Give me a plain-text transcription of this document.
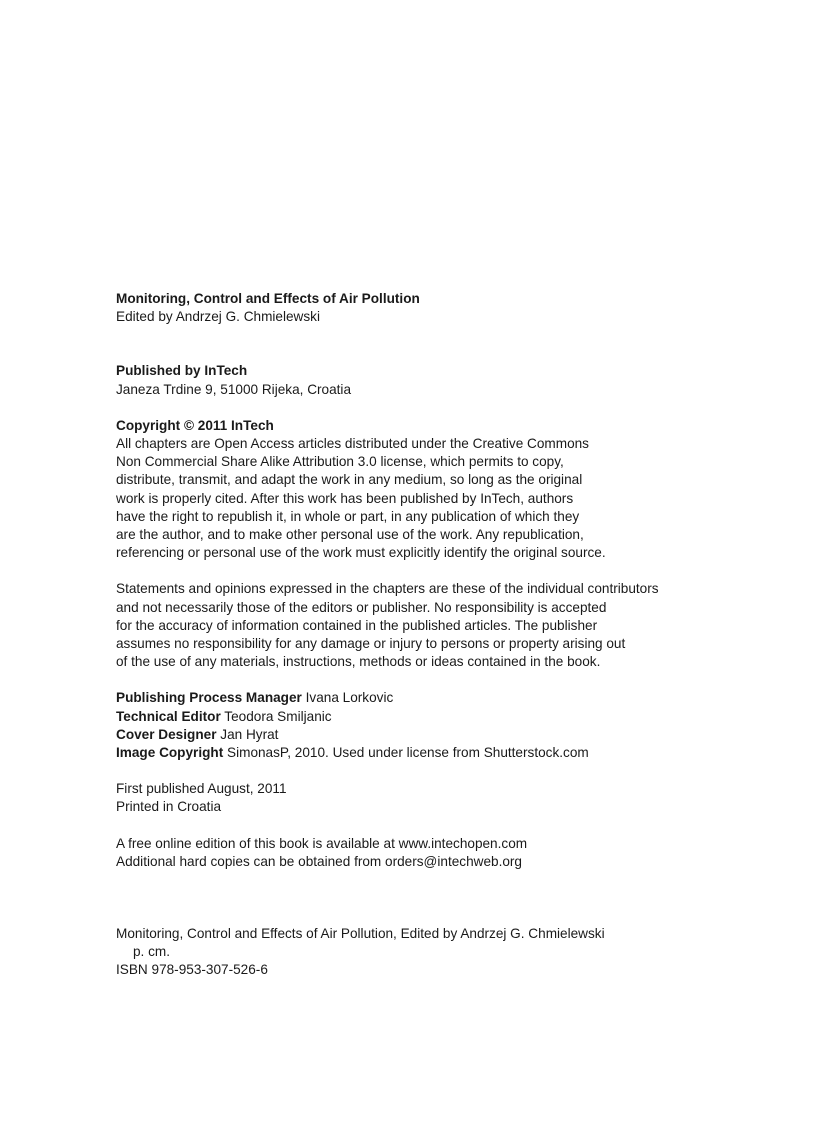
Monitoring, Control and Effects of Air Pollution
Edited by Andrzej G. Chmielewski
Published by InTech
Janeza Trdine 9, 51000 Rijeka, Croatia
Copyright © 2011 InTech
All chapters are Open Access articles distributed under the Creative Commons
Non Commercial Share Alike Attribution 3.0 license, which permits to copy,
distribute, transmit, and adapt the work in any medium, so long as the original
work is properly cited. After this work has been published by InTech, authors
have the right to republish it, in whole or part, in any publication of which they
are the author, and to make other personal use of the work. Any republication,
referencing or personal use of the work must explicitly identify the original source.
Statements and opinions expressed in the chapters are these of the individual contributors
and not necessarily those of the editors or publisher. No responsibility is accepted
for the accuracy of information contained in the published articles. The publisher
assumes no responsibility for any damage or injury to persons or property arising out
of the use of any materials, instructions, methods or ideas contained in the book.
Publishing Process Manager Ivana Lorkovic
Technical Editor Teodora Smiljanic
Cover Designer Jan Hyrat
Image Copyright SimonasP, 2010. Used under license from Shutterstock.com
First published August, 2011
Printed in Croatia
A free online edition of this book is available at www.intechopen.com
Additional hard copies can be obtained from orders@intechweb.org
Monitoring, Control and Effects of Air Pollution, Edited by Andrzej G. Chmielewski
p. cm.
ISBN 978-953-307-526-6
